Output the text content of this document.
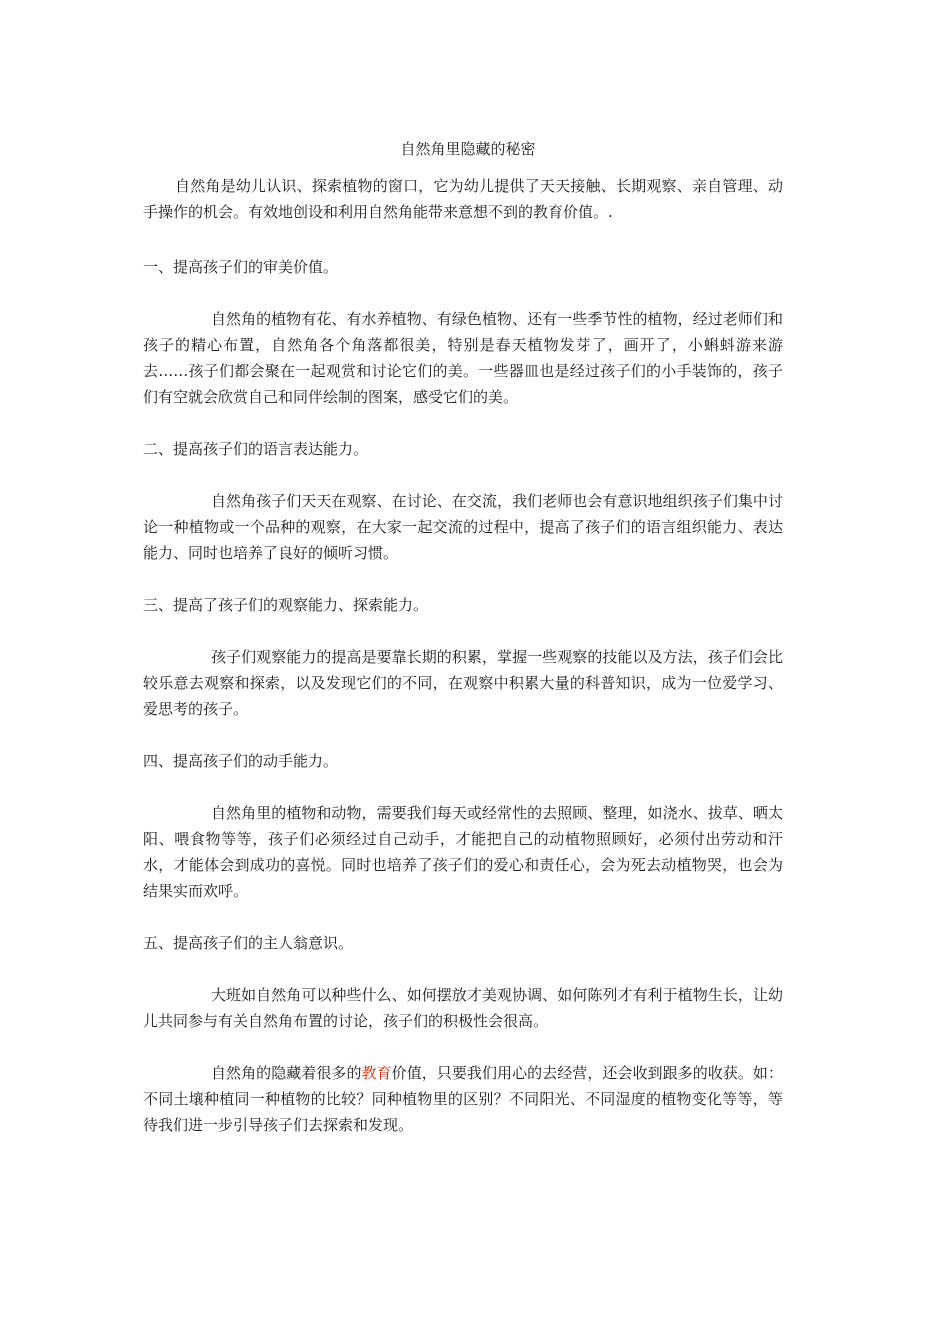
自然角里隐藏的秘密

自然角是幼儿认识、探索植物的窗口，它为幼儿提供了天天接触、长期观察、亲自管理、动手操作的机会。有效地创设和利用自然角能带来意想不到的教育价值。.

一、提高孩子们的审美价值。

自然角的植物有花、有水养植物、有绿色植物、还有一些季节性的植物，经过老师们和孩子的精心布置，自然角各个角落都很美，特别是春天植物发芽了，画开了，小蝌蚪游来游去……孩子们都会聚在一起观赏和讨论它们的美。一些器皿也是经过孩子们的小手装饰的，孩子们有空就会欣赏自己和同伴绘制的图案，感受它们的美。

二、提高孩子们的语言表达能力。

自然角孩子们天天在观察、在讨论、在交流，我们老师也会有意识地组织孩子们集中讨论一种植物或一个品种的观察，在大家一起交流的过程中，提高了孩子们的语言组织能力、表达能力、同时也培养了良好的倾听习惯。

三、提高了孩子们的观察能力、探索能力。

孩子们观察能力的提高是要靠长期的积累，掌握一些观察的技能以及方法，孩子们会比较乐意去观察和探索，以及发现它们的不同，在观察中积累大量的科普知识，成为一位爱学习、爱思考的孩子。

四、提高孩子们的动手能力。

自然角里的植物和动物，需要我们每天或经常性的去照顾、整理，如浇水、拔草、晒太阳、喂食物等等，孩子们必须经过自己动手，才能把自己的动植物照顾好，必须付出劳动和汗水，才能体会到成功的喜悦。同时也培养了孩子们的爱心和责任心，会为死去动植物哭，也会为结果实而欢呼。

五、提高孩子们的主人翁意识。

大班如自然角可以种些什么、如何摆放才美观协调、如何陈列才有利于植物生长，让幼儿共同参与有关自然角布置的讨论，孩子们的积极性会很高。

自然角的隐藏着很多的教育价值，只要我们用心的去经营，还会收到跟多的收获。如：不同土壤种植同一种植物的比较？同种植物里的区别？不同阳光、不同湿度的植物变化等等，等待我们进一步引导孩子们去探索和发现。
